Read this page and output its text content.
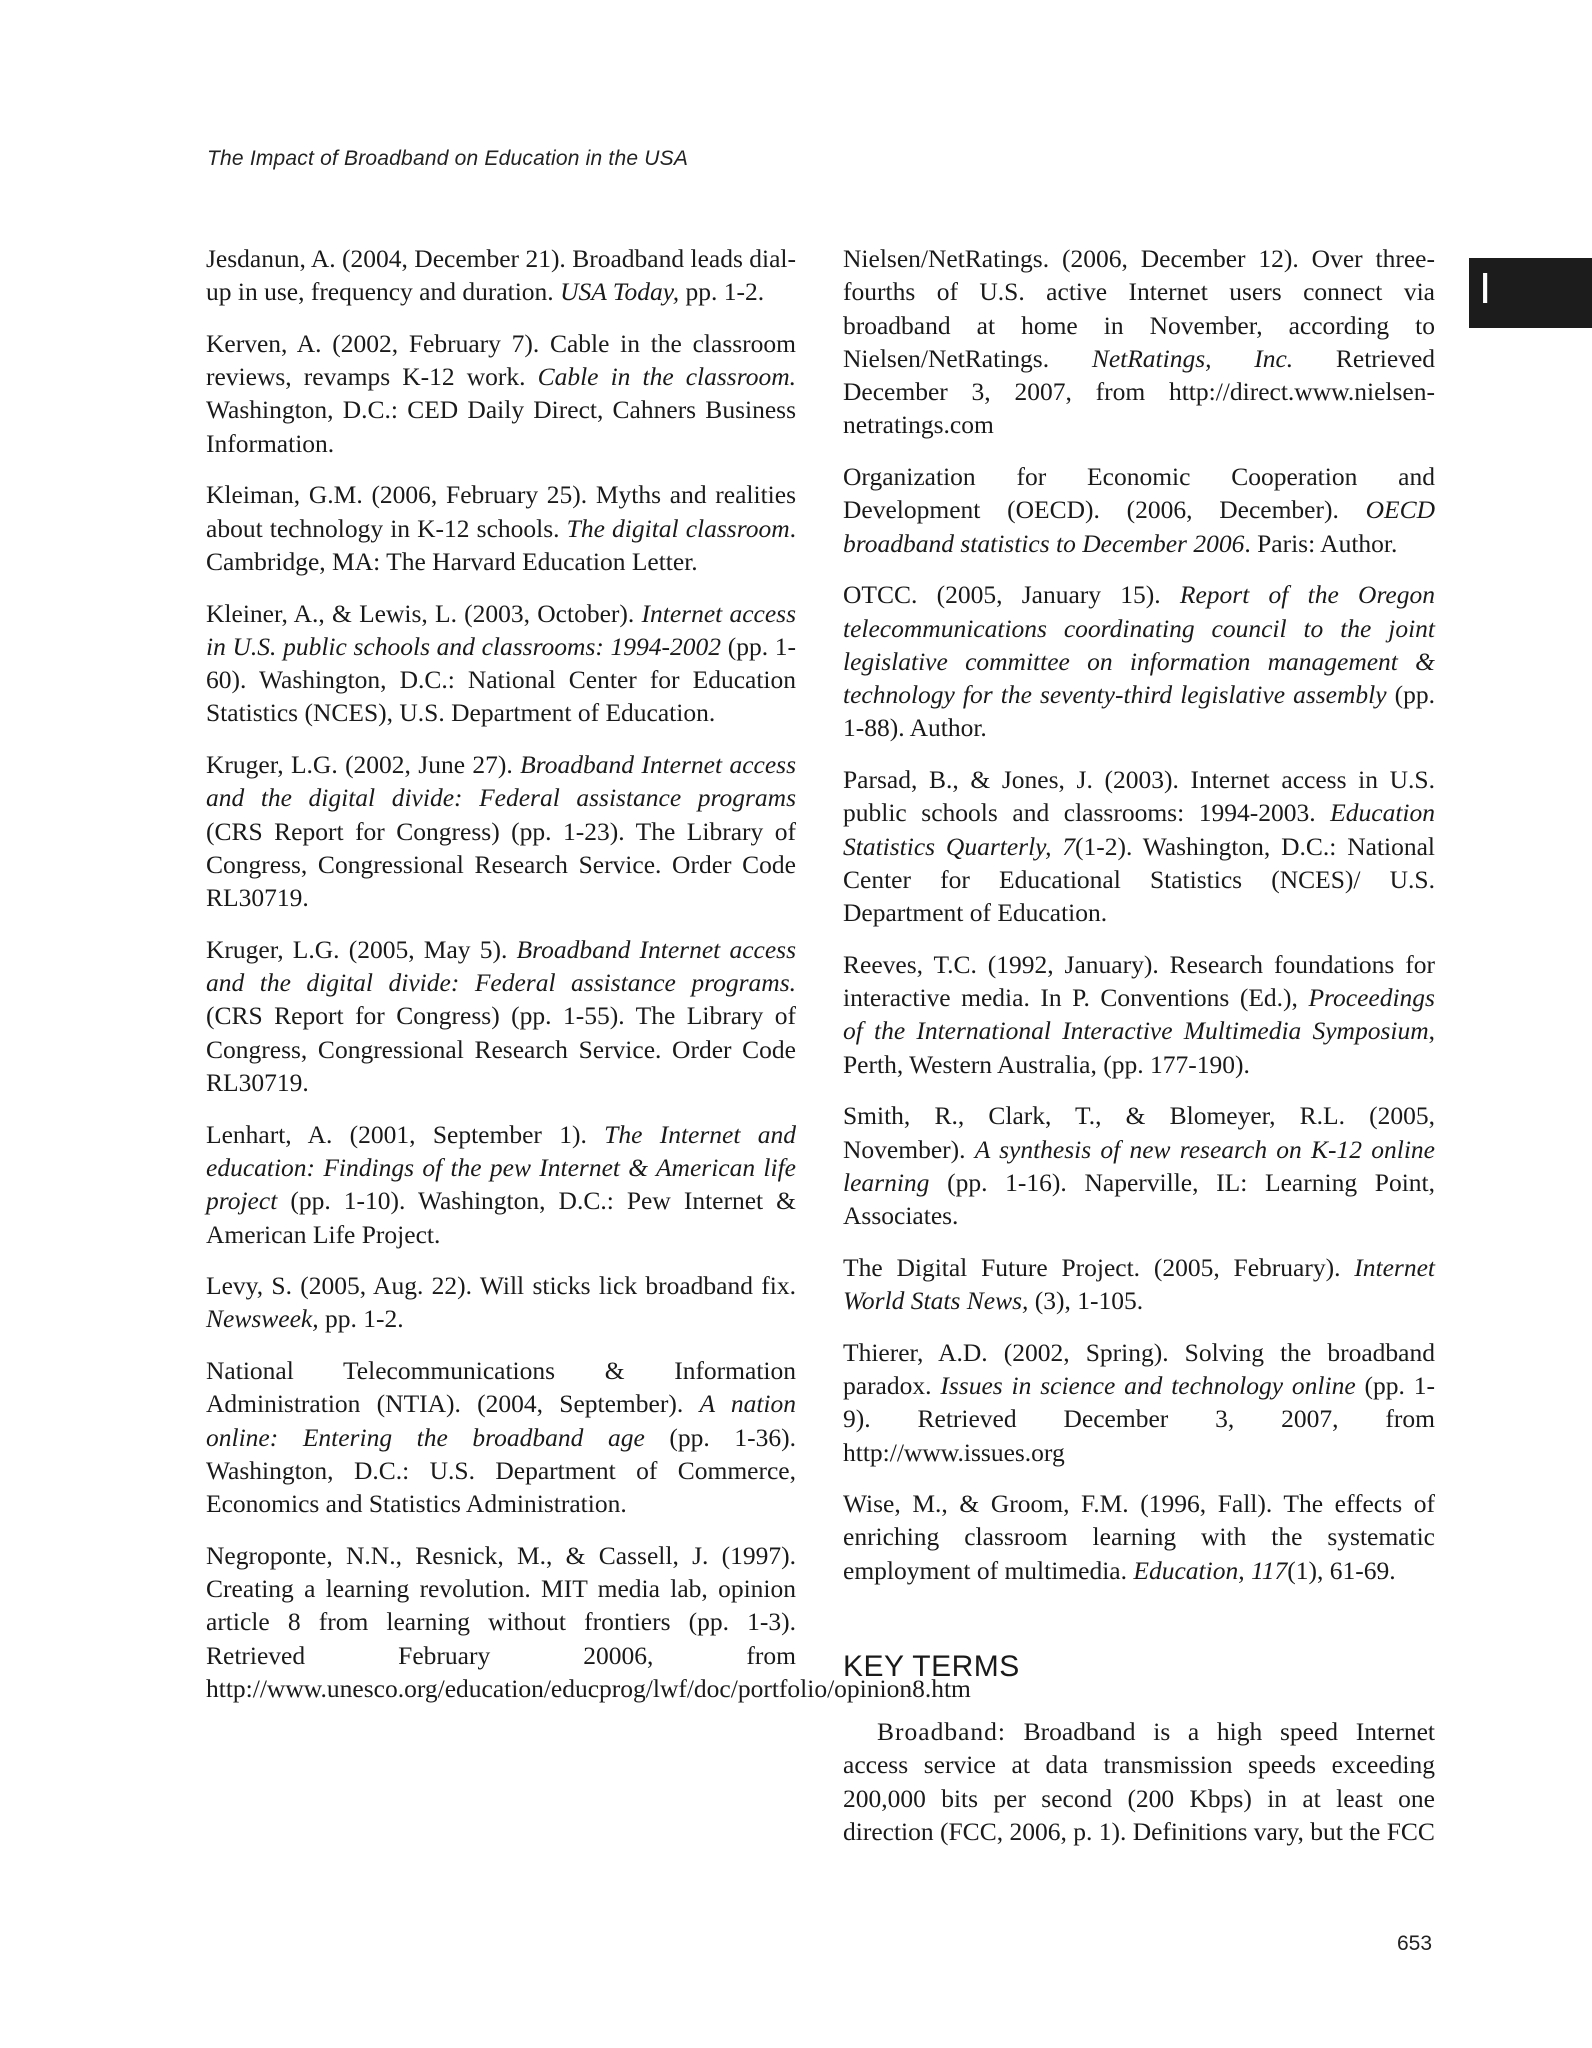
The Impact of Broadband on Education in the USA
I

Jesdanun, A. (2004, December 21). Broadband leads dial-up in use, frequency and duration. USA Today, pp. 1-2.

Kerven, A. (2002, February 7). Cable in the classroom reviews, revamps K-12 work. Cable in the classroom. Washington, D.C.: CED Daily Direct, Cahners Business Information.

Kleiman, G.M. (2006, February 25). Myths and realities about technology in K-12 schools. The digital classroom. Cambridge, MA: The Harvard Education Letter.

Kleiner, A., & Lewis, L. (2003, October). Internet access in U.S. public schools and classrooms: 1994-2002 (pp. 1-60). Washington, D.C.: National Center for Education Statistics (NCES), U.S. Department of Education.

Kruger, L.G. (2002, June 27). Broadband Internet access and the digital divide: Federal assistance programs (CRS Report for Congress) (pp. 1-23). The Library of Congress, Congressional Research Service. Order Code RL30719.

Kruger, L.G. (2005, May 5). Broadband Internet access and the digital divide: Federal assistance programs. (CRS Report for Congress) (pp. 1-55). The Library of Congress, Congressional Research Service. Order Code RL30719.

Lenhart, A. (2001, September 1). The Internet and education: Findings of the pew Internet & American life project (pp. 1-10). Washington, D.C.: Pew Internet & American Life Project.

Levy, S. (2005, Aug. 22). Will sticks lick broadband fix. Newsweek, pp. 1-2.

National Telecommunications & Information Administration (NTIA). (2004, September). A nation online: Entering the broadband age (pp. 1-36). Washington, D.C.: U.S. Department of Commerce, Economics and Statistics Administration.

Negroponte, N.N., Resnick, M., & Cassell, J. (1997). Creating a learning revolution. MIT media lab, opinion article 8 from learning without frontiers (pp. 1-3). Retrieved February 20006, from http://www.unesco.org/education/educprog/lwf/doc/portfolio/opinion8.htm

Nielsen/NetRatings. (2006, December 12). Over three-fourths of U.S. active Internet users connect via broadband at home in November, according to Nielsen/NetRatings. NetRatings, Inc. Retrieved December 3, 2007, from http://direct.www.nielsen-netratings.com

Organization for Economic Cooperation and Development (OECD). (2006, December). OECD broadband statistics to December 2006. Paris: Author.

OTCC. (2005, January 15). Report of the Oregon telecommunications coordinating council to the joint legislative committee on information management & technology for the seventy-third legislative assembly (pp. 1-88). Author.

Parsad, B., & Jones, J. (2003). Internet access in U.S. public schools and classrooms: 1994-2003. Education Statistics Quarterly, 7(1-2). Washington, D.C.: National Center for Educational Statistics (NCES)/ U.S. Department of Education.

Reeves, T.C. (1992, January). Research foundations for interactive media. In P. Conventions (Ed.), Proceedings of the International Interactive Multimedia Symposium, Perth, Western Australia, (pp. 177-190).

Smith, R., Clark, T., & Blomeyer, R.L. (2005, November). A synthesis of new research on K-12 online learning (pp. 1-16). Naperville, IL: Learning Point, Associates.

The Digital Future Project. (2005, February). Internet World Stats News, (3), 1-105.

Thierer, A.D. (2002, Spring). Solving the broadband paradox. Issues in science and technology online (pp. 1-9). Retrieved December 3, 2007, from http://www.issues.org

Wise, M., & Groom, F.M. (1996, Fall). The effects of enriching classroom learning with the systematic employment of multimedia. Education, 117(1), 61-69.

KEY TERMS

Broadband: Broadband is a high speed Internet access service at data transmission speeds exceeding 200,000 bits per second (200 Kbps) in at least one direction (FCC, 2006, p. 1). Definitions vary, but the FCC

653
